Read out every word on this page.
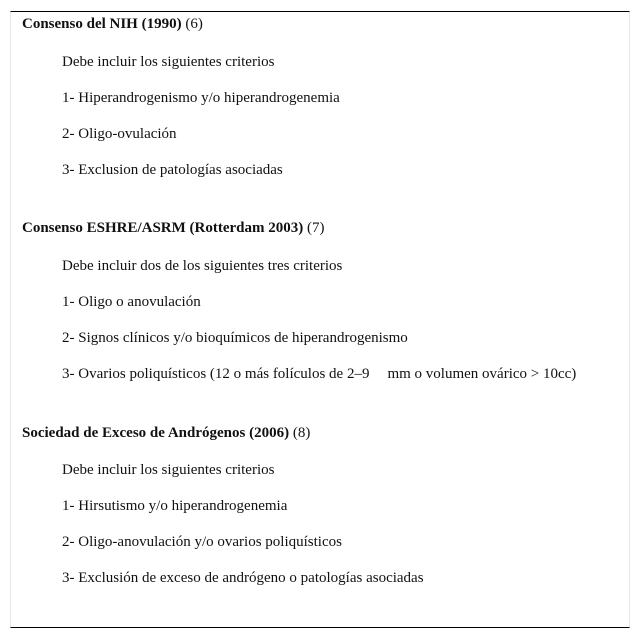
Consenso del NIH (1990) (6)
Debe incluir los siguientes criterios
1- Hiperandrogenismo y/o hiperandrogenemia
2- Oligo-ovulación
3- Exclusion de patologías asociadas
Consenso ESHRE/ASRM (Rotterdam 2003) (7)
Debe incluir dos de los siguientes tres criterios
1- Oligo o anovulación
2- Signos clínicos y/o bioquímicos de hiperandrogenismo
3- Ovarios poliquísticos (12 o más folículos de 2–9 mm o volumen ovárico > 10cc)
Sociedad de Exceso de Andrógenos (2006) (8)
Debe incluir los siguientes criterios
1- Hirsutismo y/o hiperandrogenemia
2- Oligo-anovulación y/o ovarios poliquísticos
3- Exclusión de exceso de andrógeno o patologías asociadas
